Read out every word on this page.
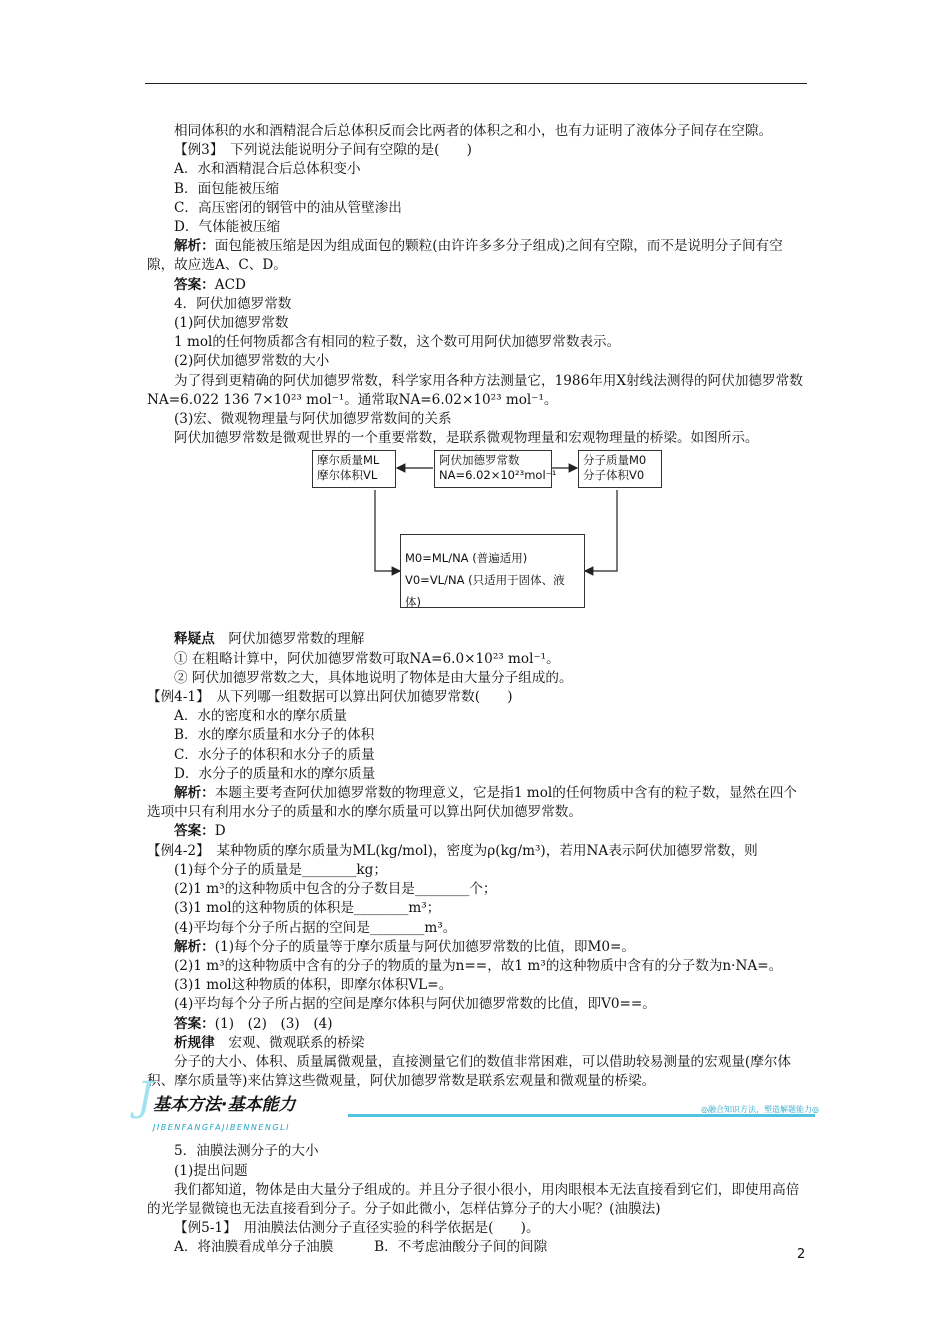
相同体积的水和酒精混合后总体积反而会比两者的体积之和小，也有力证明了液体分子间存在空隙。

【例3】　下列说法能说明分子间有空隙的是(　　)

A．水和酒精混合后总体积变小

B．面包能被压缩

C．高压密闭的钢管中的油从管壁渗出

D．气体能被压缩

解析：面包能被压缩是因为组成面包的颗粒(由许许多多分子组成)之间有空隙，而不是说明分子间有空隙，故应选A、C、D。

答案：ACD

4．阿伏加德罗常数

(1)阿伏加德罗常数

1 mol的任何物质都含有相同的粒子数，这个数可用阿伏加德罗常数表示。

(2)阿伏加德罗常数的大小

为了得到更精确的阿伏加德罗常数，科学家用各种方法测量它，1986年用X射线法测得的阿伏加德罗常数NA=6.022 136 7×10²³ mol⁻¹。通常取NA=6.02×10²³ mol⁻¹。

(3)宏、微观物理量与阿伏加德罗常数间的关系

阿伏加德罗常数是微观世界的一个重要常数，是联系微观物理量和宏观物理量的桥梁。如图所示。

摩尔质量ML
摩尔体积VL
阿伏加德罗常数
NA=6.02×10²³mol⁻¹
分子质量M0
分子体积V0
M0=ML/NA (普遍适用)
V0=VL/NA (只适用于固体、液体)

释疑点　阿伏加德罗常数的理解

① 在粗略计算中，阿伏加德罗常数可取NA=6.0×10²³ mol⁻¹。

② 阿伏加德罗常数之大，具体地说明了物体是由大量分子组成的。

【例4-1】　从下列哪一组数据可以算出阿伏加德罗常数(　　)

A．水的密度和水的摩尔质量

B．水的摩尔质量和水分子的体积

C．水分子的体积和水分子的质量

D．水分子的质量和水的摩尔质量

解析：本题主要考查阿伏加德罗常数的物理意义，它是指1 mol的任何物质中含有的粒子数，显然在四个选项中只有利用水分子的质量和水的摩尔质量可以算出阿伏加德罗常数。

答案：D

【例4-2】　某种物质的摩尔质量为ML(kg/mol)，密度为ρ(kg/m³)，若用NA表示阿伏加德罗常数，则

(1)每个分子的质量是________kg；

(2)1 m³的这种物质中包含的分子数目是________个；

(3)1 mol的这种物质的体积是________m³；

(4)平均每个分子所占据的空间是________m³。

解析：(1)每个分子的质量等于摩尔质量与阿伏加德罗常数的比值，即M0=。

(2)1 m³的这种物质中含有的分子的物质的量为n==，故1 m³的这种物质中含有的分子数为n·NA=。

(3)1 mol这种物质的体积，即摩尔体积VL=。

(4)平均每个分子所占据的空间是摩尔体积与阿伏加德罗常数的比值，即V0==。

答案：(1)　(2)　(3)　(4)

析规律　宏观、微观联系的桥梁

分子的大小、体积、质量属微观量，直接测量它们的数值非常困难，可以借助较易测量的宏观量(摩尔体积、摩尔质量等)来估算这些微观量，阿伏加德罗常数是联系宏观量和微观量的桥梁。

J 基本方法·基本能力
JIBENFANGFAJIBENNENGLI
◎融合知识方法，塑造解题能力◎

5．油膜法测分子的大小

(1)提出问题

我们都知道，物体是由大量分子组成的。并且分子很小很小，用肉眼根本无法直接看到它们，即使用高倍的光学显微镜也无法直接看到分子。分子如此微小，怎样估算分子的大小呢？(油膜法)

【例5-1】　用油膜法估测分子直径实验的科学依据是(　　)。

A．将油膜看成单分子油膜　　　B．不考虑油酸分子间的间隙	2
